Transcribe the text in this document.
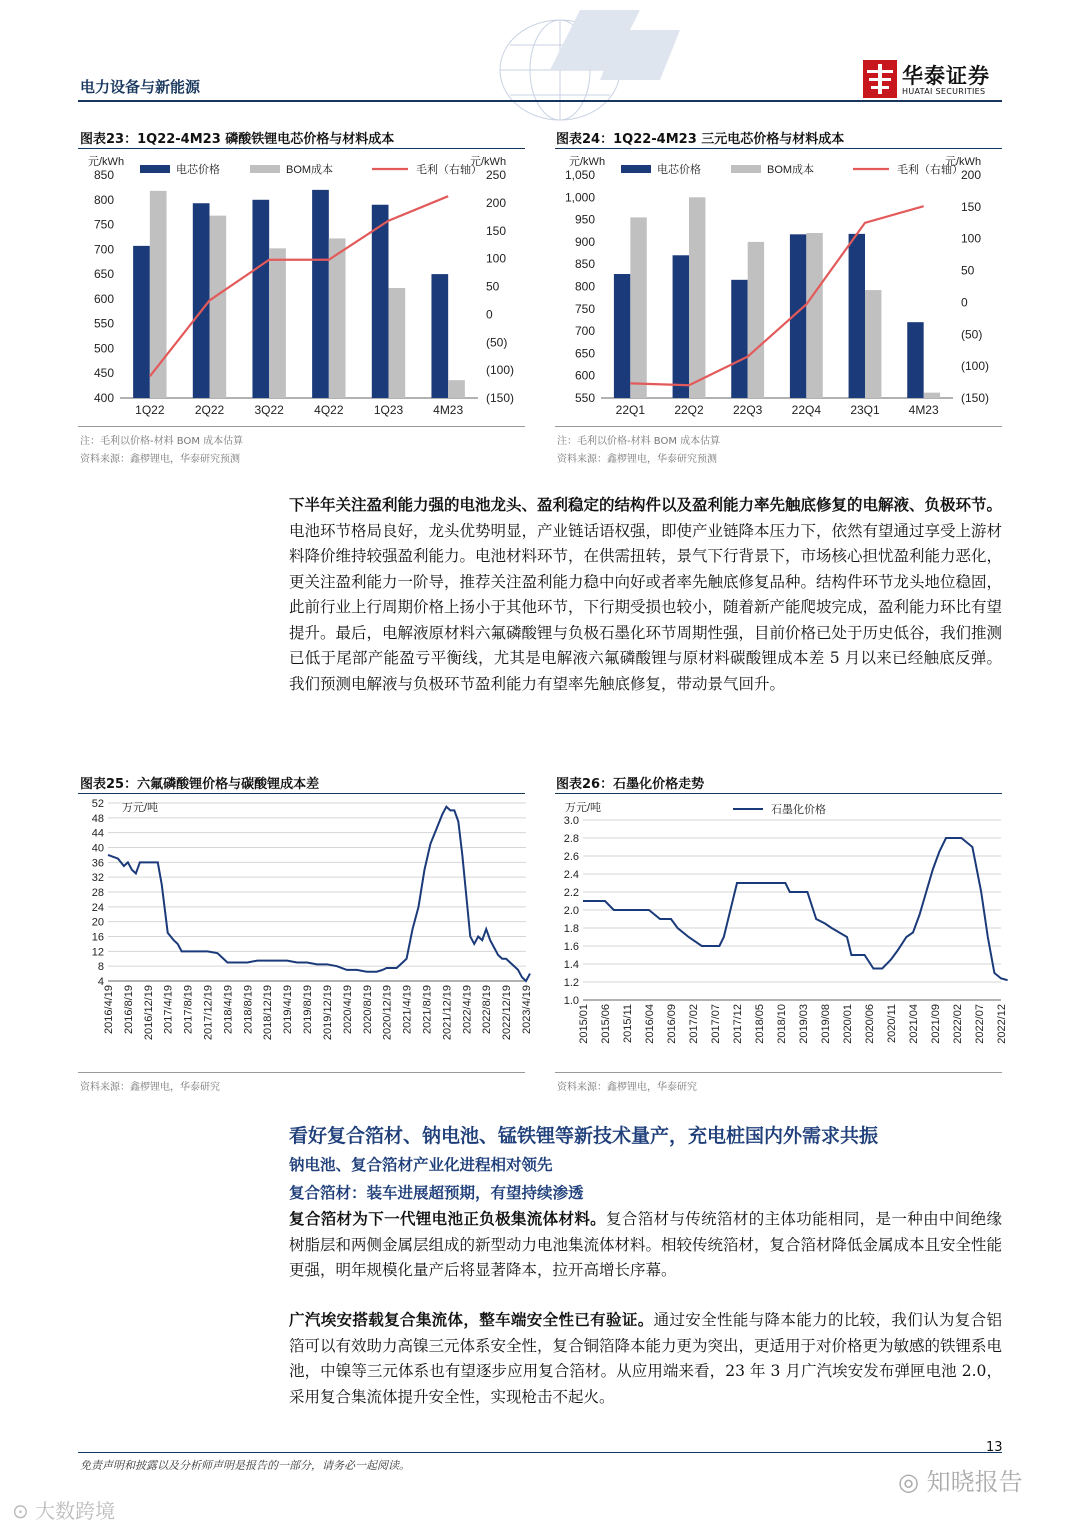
电力设备与新能源	华泰证券
HUATAI SECURITIES
图表23：1Q22-4M23 磷酸铁锂电芯价格与材料成本
元/kWh	元/kWh
850
800
750
700
650
600
550
500
450
400
250
200
150
100
50
0
(50)
(100)
(150)
1Q22	2Q22	3Q22	4Q22	1Q23 4M23
电芯价格	BOM成本	毛利（右轴）
注：毛利以价格-材料 BOM 成本估算
资料来源：鑫椤锂电，华泰研究预测
图表24：1Q22-4M23 三元电芯价格与材料成本
元/kWh	元/kWh
1,050
1,000
950
900
850
800
750
700
650
600
550
200
150
100
50
0
(50)
(100)
(150)
22Q1 22Q2 22Q3 22Q4 23Q1 4M23
电芯价格	BOM成本	毛利（右轴）
注：毛利以价格-材料 BOM 成本估算
资料来源：鑫椤锂电，华泰研究预测
下半年关注盈利能力强的电池龙头、盈利稳定的结构件以及盈利能力率先触底修复的电解液、负极环节。电池环节格局良好，龙头优势明显，产业链话语权强，即使产业链降本压力下，依然有望通过享受上游材料降价维持较强盈利能力。电池材料环节，在供需扭转，景气下行背景下，市场核心担忧盈利能力恶化，更关注盈利能力一阶导，推荐关注盈利能力稳中向好或者率先触底修复品种。结构件环节龙头地位稳固，此前行业上行周期价格上扬小于其他环节，下行期受损也较小，随着新产能爬坡完成，盈利能力环比有望提升。最后，电解液原材料六氟磷酸锂与负极石墨化环节周期性强，目前价格已处于历史低谷，我们推测已低于尾部产能盈亏平衡线，尤其是电解液六氟磷酸锂与原材料碳酸锂成本差 5 月以来已经触底反弹。我们预测电解液与负极环节盈利能力有望率先触底修复，带动景气回升。
图表25：六氟磷酸锂价格与碳酸锂成本差
52
48
44
40
36
32
28
24
20
16
12
8
4
2016/4/19 2016/8/19 2016/12/19 2017/4/19 2017/8/19 2017/12/19 2018/4/19 2018/8/19 2018/12/19 2019/4/19 2019/8/19 2019/12/19 2020/4/19 2020/8/19 2020/12/19 2021/4/19 2021/8/19 2021/12/19 2022/4/19 2022/8/19 2022/12/19 2023/4/19
万元/吨
资料来源：鑫椤锂电，华泰研究
图表26：石墨化价格走势
3.0
2.8
2.6
2.4
2.2
2.0
1.8
1.6
1.4
1.2
1.0
2015/01 2015/06 2015/11 2016/04 2016/09 2017/02 2017/07 2017/12 2018/05 2018/10 2019/03 2019/08 2020/01 2020/06 2020/11 2021/04 2021/09 2022/02 2022/07 2022/12
万元/吨	石墨化价格
资料来源：鑫椤锂电，华泰研究
看好复合箔材、钠电池、锰铁锂等新技术量产，充电桩国内外需求共振
钠电池、复合箔材产业化进程相对领先
复合箔材：装车进展超预期，有望持续渗透
复合箔材为下一代锂电池正负极集流体材料。复合箔材与传统箔材的主体功能相同，是一种由中间绝缘树脂层和两侧金属层组成的新型动力电池集流体材料。相较传统箔材，复合箔材降低金属成本且安全性能更强，明年规模化量产后将显著降本，拉开高增长序幕。
广汽埃安搭载复合集流体，整车端安全性已有验证。通过安全性能与降本能力的比较，我们认为复合铝箔可以有效助力高镍三元体系安全性，复合铜箔降本能力更为突出，更适用于对价格更为敏感的铁锂系电池，中镍等三元体系也有望逐步应用复合箔材。从应用端来看，23 年 3 月广汽埃安发布弹匣电池 2.0，采用复合集流体提升安全性，实现枪击不起火。
免责声明和披露以及分析师声明是报告的一部分，请务必一起阅读。
13
◎ 知晓报告
⊙ 大数跨境
